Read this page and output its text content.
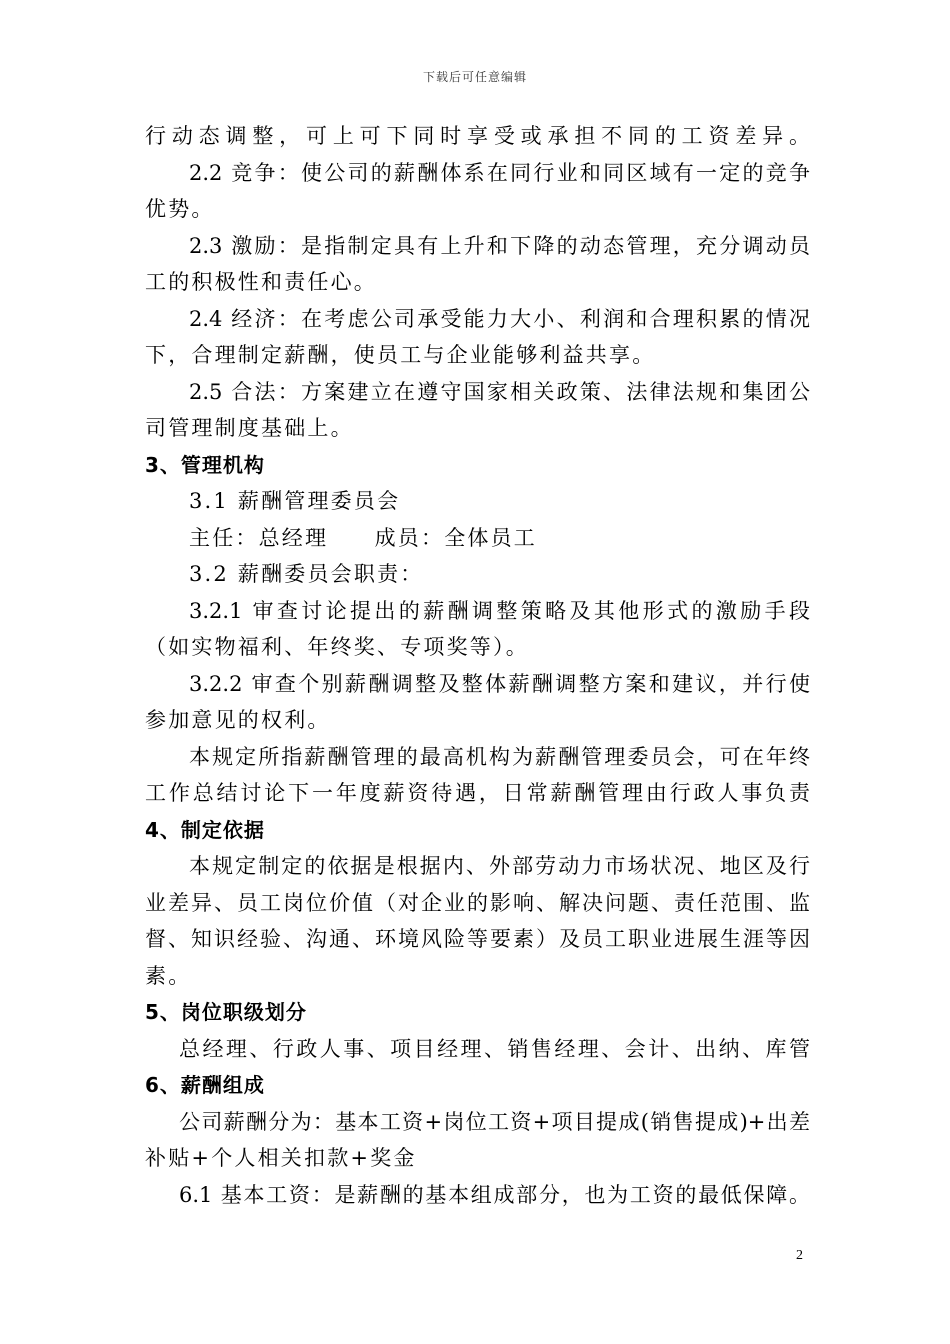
下载后可任意编辑
行动态调整，可上可下同时享受或承担不同的工资差异。
2.2 竞争：使公司的薪酬体系在同行业和同区域有一定的竞争
优势。
2.3 激励：是指制定具有上升和下降的动态管理，充分调动员
工的积极性和责任心。
2.4 经济：在考虑公司承受能力大小、利润和合理积累的情况
下，合理制定薪酬，使员工与企业能够利益共享。
2.5 合法：方案建立在遵守国家相关政策、法律法规和集团公
司管理制度基础上。
3、管理机构
3.1 薪酬管理委员会
主任：总经理　　成员：全体员工
3.2 薪酬委员会职责：
3.2.1 审查讨论提出的薪酬调整策略及其他形式的激励手段
（如实物福利、年终奖、专项奖等）。
3.2.2 审查个别薪酬调整及整体薪酬调整方案和建议，并行使
参加意见的权利。
本规定所指薪酬管理的最高机构为薪酬管理委员会，可在年终
工作总结讨论下一年度薪资待遇，日常薪酬管理由行政人事负责
4、制定依据
本规定制定的依据是根据内、外部劳动力市场状况、地区及行
业差异、员工岗位价值（对企业的影响、解决问题、责任范围、监
督、知识经验、沟通、环境风险等要素）及员工职业进展生涯等因
素。
5、岗位职级划分
总经理、行政人事、项目经理、销售经理、会计、出纳、库管
6、薪酬组成
公司薪酬分为：基本工资+岗位工资+项目提成(销售提成)+出差
补贴+个人相关扣款+奖金
6.1 基本工资：是薪酬的基本组成部分，也为工资的最低保障。
2
